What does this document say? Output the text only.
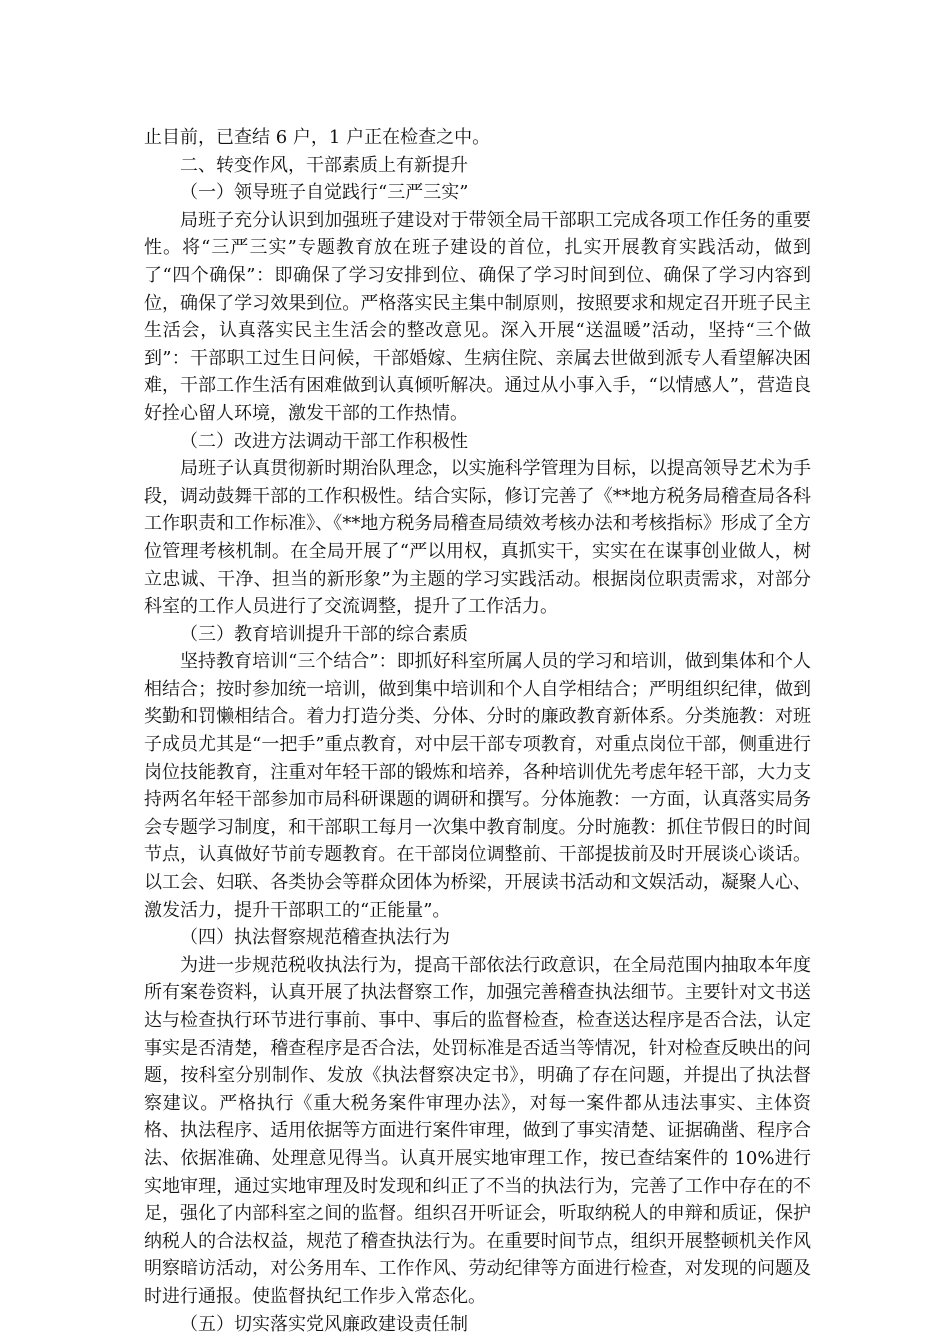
止目前，已查结 6 户，1 户正在检查之中。
二、转变作风，干部素质上有新提升
（一）领导班子自觉践行“三严三实”

局班子充分认识到加强班子建设对于带领全局干部职工完成各项工作任务的重要性。将“三严三实”专题教育放在班子建设的首位，扎实开展教育实践活动，做到了“四个确保”：即确保了学习安排到位、确保了学习时间到位、确保了学习内容到位，确保了学习效果到位。严格落实民主集中制原则，按照要求和规定召开班子民主生活会，认真落实民主生活会的整改意见。深入开展“送温暖”活动，坚持“三个做到”：干部职工过生日问候，干部婚嫁、生病住院、亲属去世做到派专人看望解决困难，干部工作生活有困难做到认真倾听解决。通过从小事入手，“以情感人”，营造良好拴心留人环境，激发干部的工作热情。

（二）改进方法调动干部工作积极性

局班子认真贯彻新时期治队理念，以实施科学管理为目标，以提高领导艺术为手段，调动鼓舞干部的工作积极性。结合实际，修订完善了《**地方税务局稽查局各科工作职责和工作标准》、《**地方税务局稽查局绩效考核办法和考核指标》形成了全方位管理考核机制。在全局开展了“严以用权，真抓实干，实实在在谋事创业做人，树立忠诚、干净、担当的新形象”为主题的学习实践活动。根据岗位职责需求，对部分科室的工作人员进行了交流调整，提升了工作活力。

（三）教育培训提升干部的综合素质

坚持教育培训“三个结合”：即抓好科室所属人员的学习和培训，做到集体和个人相结合；按时参加统一培训，做到集中培训和个人自学相结合；严明组织纪律，做到奖勤和罚懒相结合。着力打造分类、分体、分时的廉政教育新体系。分类施教：对班子成员尤其是“一把手”重点教育，对中层干部专项教育，对重点岗位干部，侧重进行岗位技能教育，注重对年轻干部的锻炼和培养，各种培训优先考虑年轻干部，大力支持两名年轻干部参加市局科研课题的调研和撰写。分体施教：一方面，认真落实局务会专题学习制度，和干部职工每月一次集中教育制度。分时施教：抓住节假日的时间节点，认真做好节前专题教育。在干部岗位调整前、干部提拔前及时开展谈心谈话。以工会、妇联、各类协会等群众团体为桥梁，开展读书活动和文娱活动，凝聚人心、激发活力，提升干部职工的“正能量”。

（四）执法督察规范稽查执法行为

为进一步规范税收执法行为，提高干部依法行政意识，在全局范围内抽取本年度所有案卷资料，认真开展了执法督察工作，加强完善稽查执法细节。主要针对文书送达与检查执行环节进行事前、事中、事后的监督检查，检查送达程序是否合法，认定事实是否清楚，稽查程序是否合法，处罚标准是否适当等情况，针对检查反映出的问题，按科室分别制作、发放《执法督察决定书》，明确了存在问题，并提出了执法督察建议。严格执行《重大税务案件审理办法》，对每一案件都从违法事实、主体资格、执法程序、适用依据等方面进行案件审理，做到了事实清楚、证据确凿、程序合法、依据准确、处理意见得当。认真开展实地审理工作，按已查结案件的 10%进行实地审理，通过实地审理及时发现和纠正了不当的执法行为，完善了工作中存在的不足，强化了内部科室之间的监督。组织召开听证会，听取纳税人的申辩和质证，保护纳税人的合法权益，规范了稽查执法行为。在重要时间节点，组织开展整顿机关作风明察暗访活动，对公务用车、工作作风、劳动纪律等方面进行检查，对发现的问题及时进行通报。使监督执纪工作步入常态化。

（五）切实落实党风廉政建设责任制
